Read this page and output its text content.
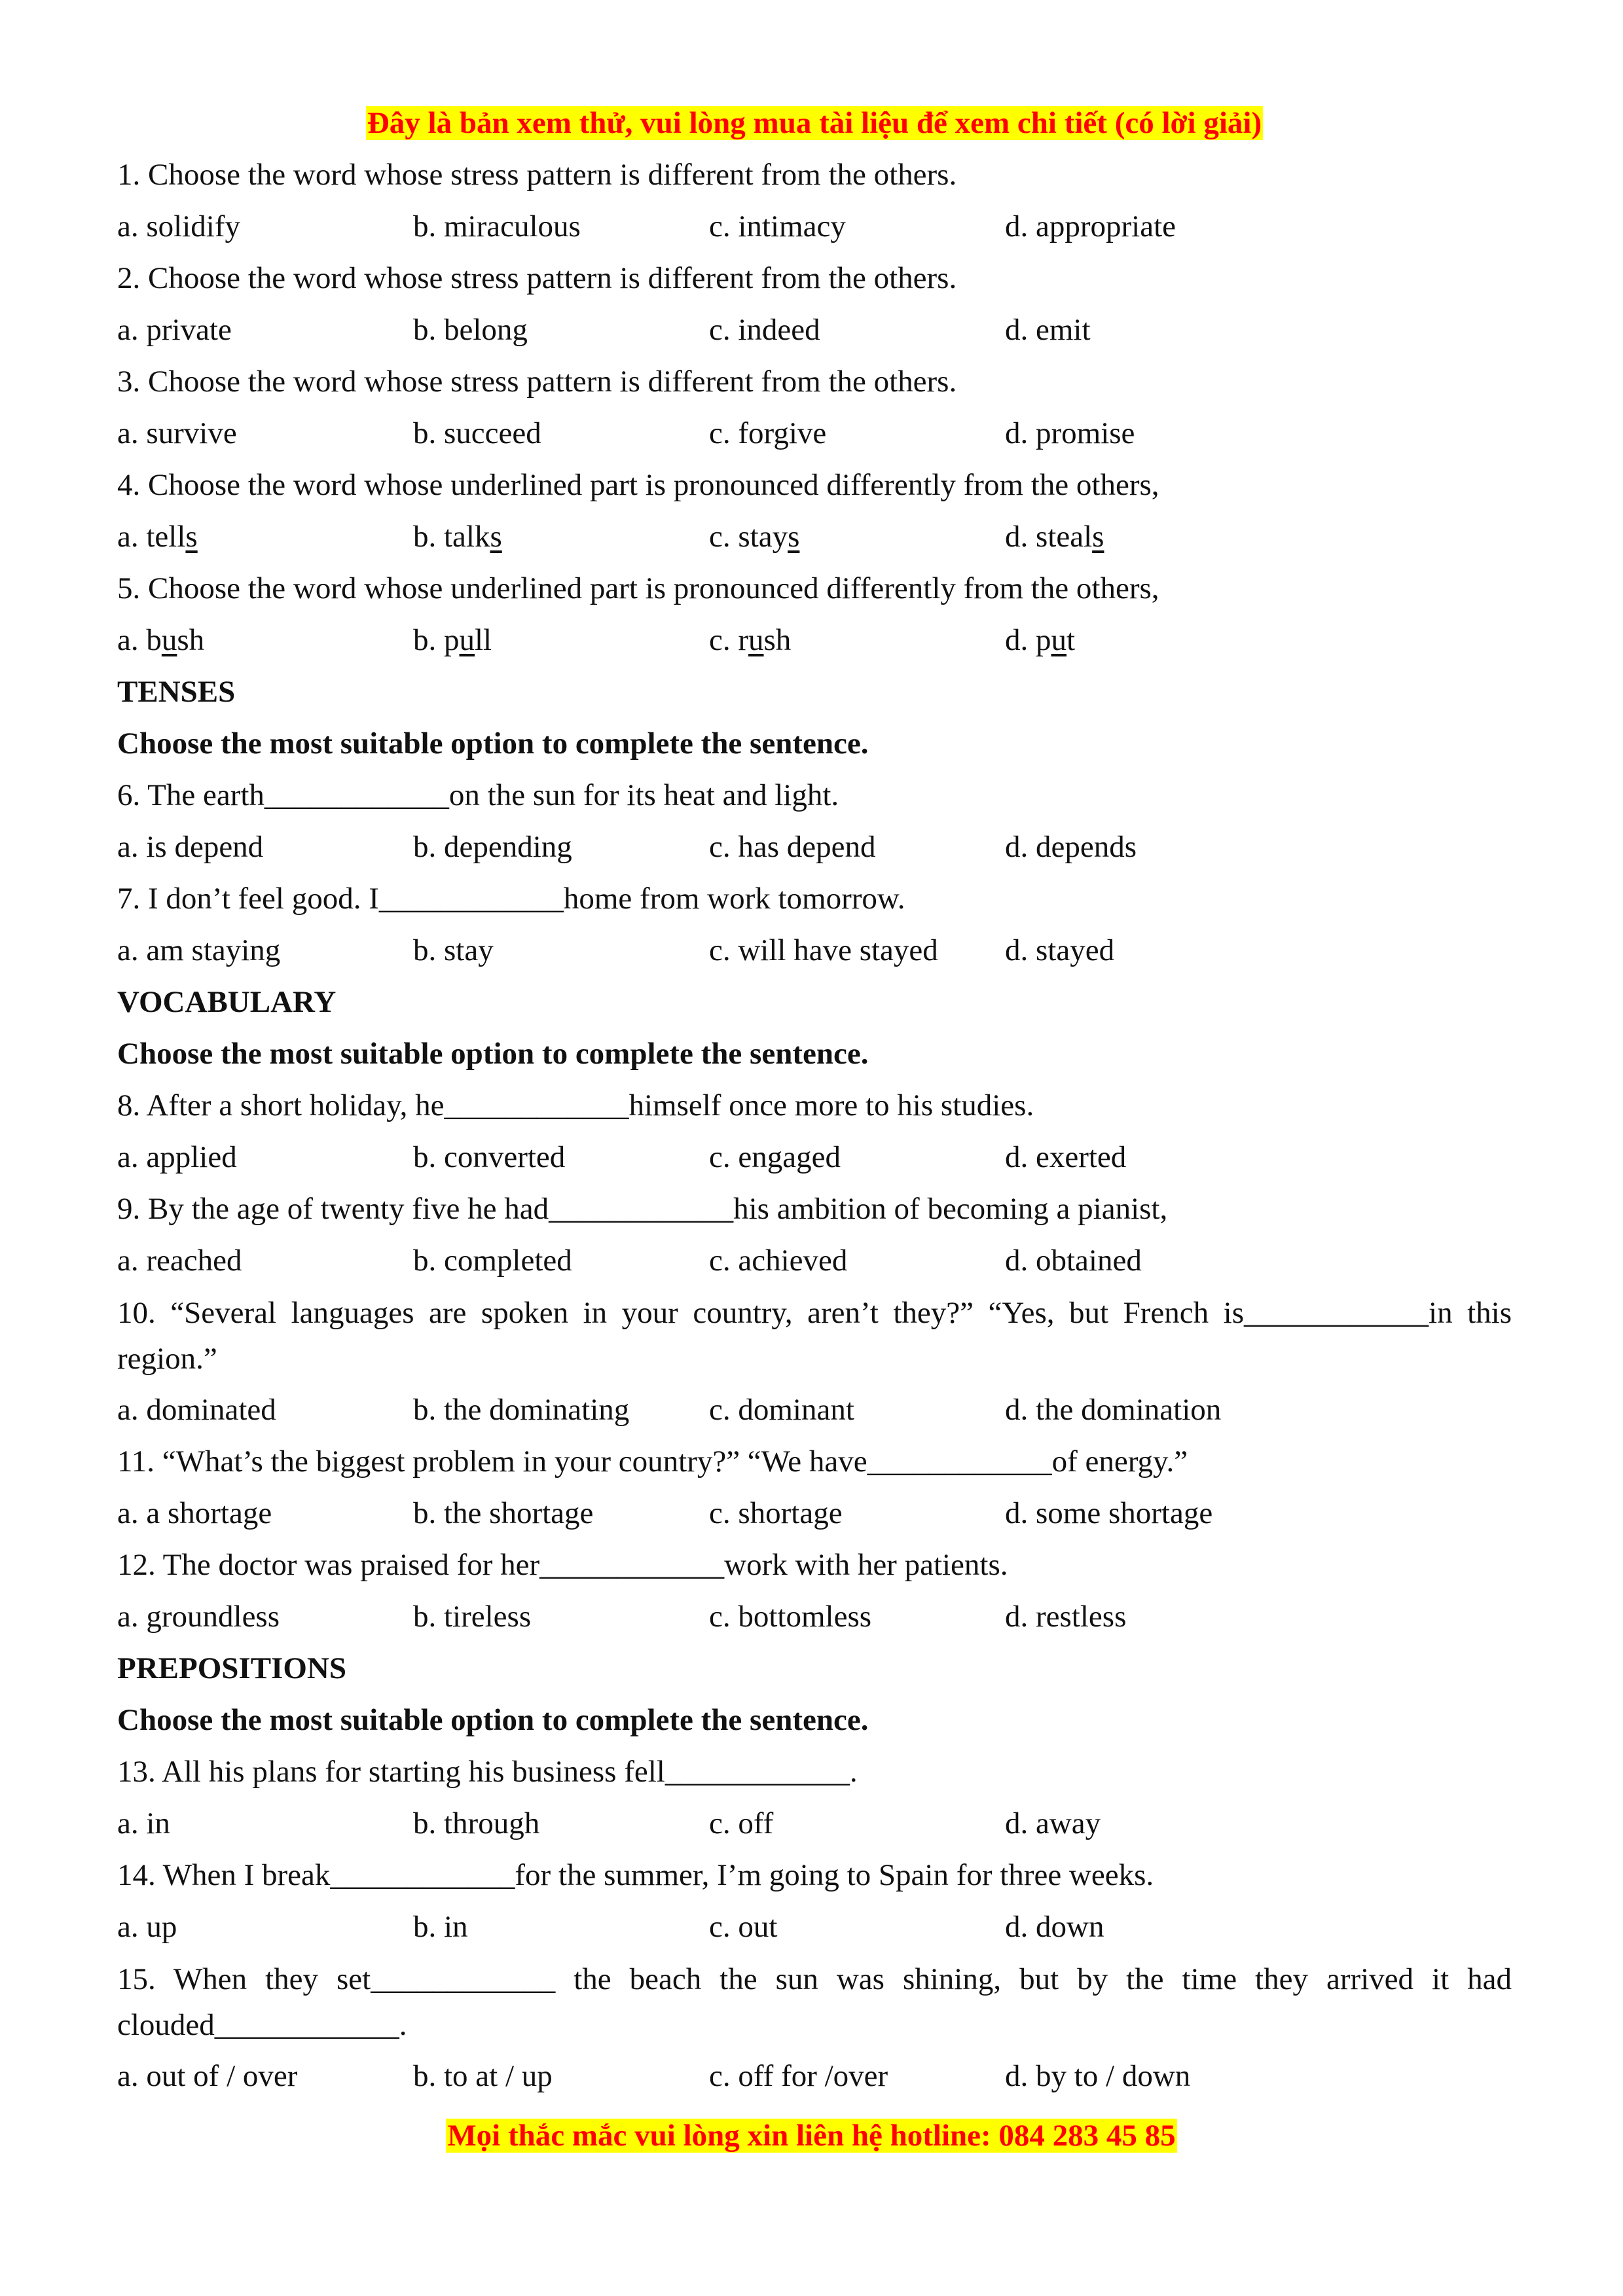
Đây là bản xem thử, vui lòng mua tài liệu để xem chi tiết (có lời giải)
1. Choose the word whose stress pattern is different from the others.
a. solidify	b. miraculous	c. intimacy	d. appropriate
2. Choose the word whose stress pattern is different from the others.
a. private	b. belong	c. indeed	d. emit
3. Choose the word whose stress pattern is different from the others.
a. survive	b. succeed	c. forgive	d. promise
4. Choose the word whose underlined part is pronounced differently from the others,
a. tells	b. talks	c. stays	d. steals
5. Choose the word whose underlined part is pronounced differently from the others,
a. bush	b. pull	c. rush	d. put
TENSES
Choose the most suitable option to complete the sentence.
6. The earth____________on the sun for its heat and light.
a. is depend	b. depending	c. has depend	d. depends
7. I don’t feel good. I____________home from work tomorrow.
a. am staying	b. stay	c. will have stayed	d. stayed
VOCABULARY
Choose the most suitable option to complete the sentence.
8. After a short holiday, he____________himself once more to his studies.
a. applied	b. converted	c. engaged	d. exerted
9. By the age of twenty five he had____________his ambition of becoming a pianist,
a. reached	b. completed	c. achieved	d. obtained
10. “Several languages are spoken in your country, aren’t they?” “Yes, but French is____________in this region.”
a. dominated	b. the dominating	c. dominant	d. the domination
11. “What’s the biggest problem in your country?” “We have____________of energy.”
a. a shortage	b. the shortage	c. shortage	d. some shortage
12. The doctor was praised for her____________work with her patients.
a. groundless	b. tireless	c. bottomless	d. restless
PREPOSITIONS
Choose the most suitable option to complete the sentence.
13. All his plans for starting his business fell____________.
a. in	b. through	c. off	d. away
14. When I break____________for the summer, I’m going to Spain for three weeks.
a. up	b. in	c. out	d. down
15. When they set____________ the beach the sun was shining, but by the time they arrived it had clouded____________.
a. out of / over	b. to at / up	c. off for /over	d. by to / down
Mọi thắc mắc vui lòng xin liên hệ hotline: 084 283 45 85
